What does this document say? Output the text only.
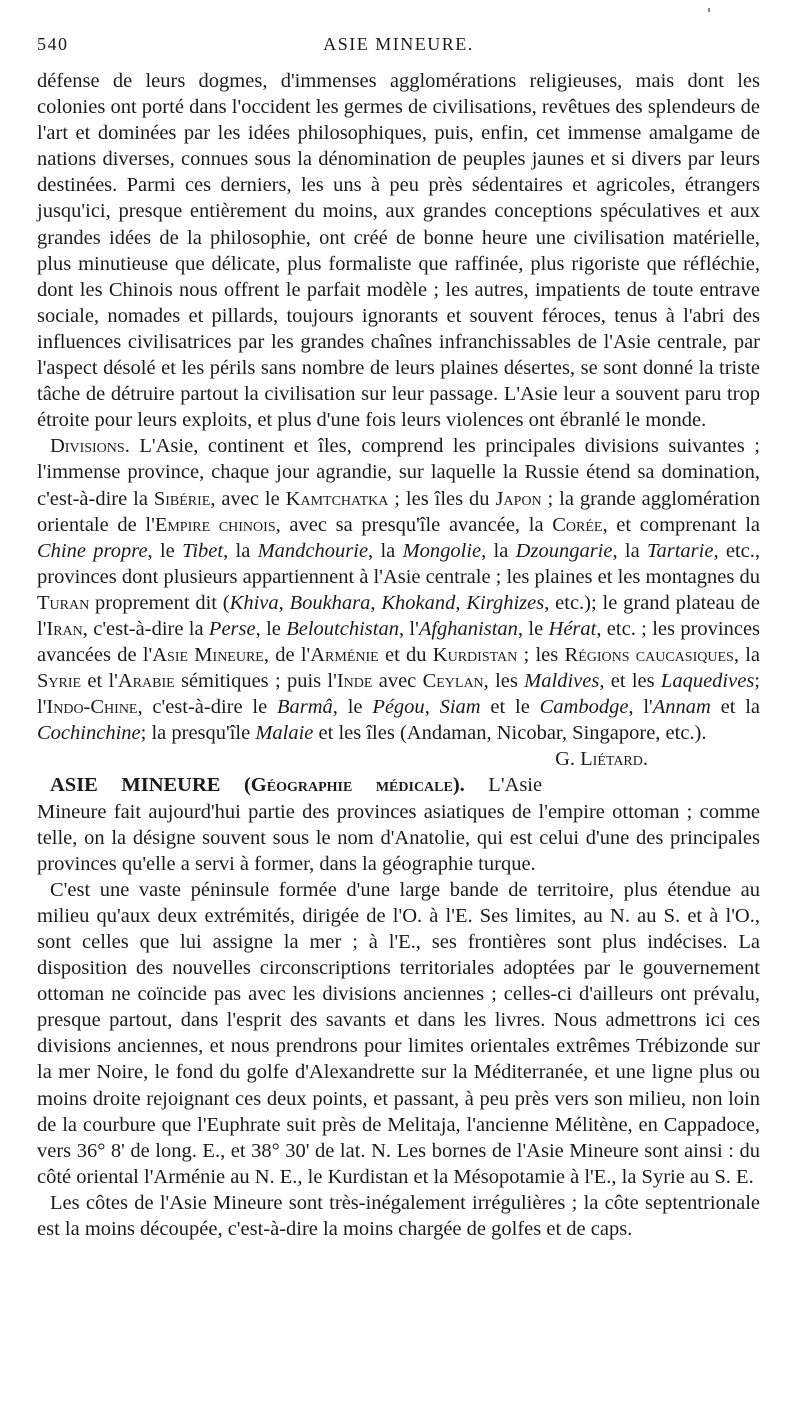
540	ASIE MINEURE.

défense de leurs dogmes, d'immenses agglomérations religieuses, mais dont les colonies ont porté dans l'occident les germes de civilisations, revêtues des splendeurs de l'art et dominées par les idées philosophiques, puis, enfin, cet immense amalgame de nations diverses, connues sous la dénomination de peuples jaunes et si divers par leurs destinées. Parmi ces derniers, les uns à peu près sédentaires et agricoles, étrangers jusqu'ici, presque entièrement du moins, aux grandes conceptions spéculatives et aux grandes idées de la philosophie, ont créé de bonne heure une civilisation matérielle, plus minutieuse que délicate, plus formaliste que raffinée, plus rigoriste que réfléchie, dont les Chinois nous offrent le parfait modèle ; les autres, impatients de toute entrave sociale, nomades et pillards, toujours ignorants et souvent féroces, tenus à l'abri des influences civilisatrices par les grandes chaînes infranchissables de l'Asie centrale, par l'aspect désolé et les périls sans nombre de leurs plaines désertes, se sont donné la triste tâche de détruire partout la civilisation sur leur passage. L'Asie leur a souvent paru trop étroite pour leurs exploits, et plus d'une fois leurs violences ont ébranlé le monde.

Divisions. L'Asie, continent et îles, comprend les principales divisions suivantes ; l'immense province, chaque jour agrandie, sur laquelle la Russie étend sa domination, c'est-à-dire la Sibérie, avec le Kamtchatka ; les îles du Japon ; la grande agglomération orientale de l'Empire chinois, avec sa presqu'île avancée, la Corée, et comprenant la Chine propre, le Tibet, la Mandchourie, la Mongolie, la Dzoungarie, la Tartarie, etc., provinces dont plusieurs appartiennent à l'Asie centrale ; les plaines et les montagnes du Turan proprement dit (Khiva, Boukhara, Khokand, Kirghizes, etc.); le grand plateau de l'Iran, c'est-à-dire la Perse, le Beloutchistan, l'Afghanistan, le Hérat, etc. ; les provinces avancées de l'Asie Mineure, de l'Arménie et du Kurdistan ; les Régions caucasiques, la Syrie et l'Arabie sémitiques ; puis l'Inde avec Ceylan, les Maldives, et les Laquedives; l'Indo-Chine, c'est-à-dire le Barmâ, le Pégou, Siam et le Cambodge, l'Annam et la Cochinchine; la presqu'île Malaie et les îles (Andaman, Nicobar, Singapore, etc.).
G. Liétard.

ASIE MINEURE (Géographie médicale). L'Asie Mineure fait aujourd'hui partie des provinces asiatiques de l'empire ottoman ; comme telle, on la désigne souvent sous le nom d'Anatolie, qui est celui d'une des principales provinces qu'elle a servi à former, dans la géographie turque.

C'est une vaste péninsule formée d'une large bande de territoire, plus étendue au milieu qu'aux deux extrémités, dirigée de l'O. à l'E. Ses limites, au N. au S. et à l'O., sont celles que lui assigne la mer ; à l'E., ses frontières sont plus indécises. La disposition des nouvelles circonscriptions territoriales adoptées par le gouvernement ottoman ne coïncide pas avec les divisions anciennes ; celles-ci d'ailleurs ont prévalu, presque partout, dans l'esprit des savants et dans les livres. Nous admettrons ici ces divisions anciennes, et nous prendrons pour limites orientales extrêmes Trébizonde sur la mer Noire, le fond du golfe d'Alexandrette sur la Méditerranée, et une ligne plus ou moins droite rejoignant ces deux points, et passant, à peu près vers son milieu, non loin de la courbure que l'Euphrate suit près de Melitaja, l'ancienne Mélitène, en Cappadoce, vers 36° 8' de long. E., et 38° 30' de lat. N. Les bornes de l'Asie Mineure sont ainsi : du côté oriental l'Arménie au N. E., le Kurdistan et la Mésopotamie à l'E., la Syrie au S. E.

Les côtes de l'Asie Mineure sont très-inégalement irrégulières ; la côte septentrionale est la moins découpée, c'est-à-dire la moins chargée de golfes et de caps.
